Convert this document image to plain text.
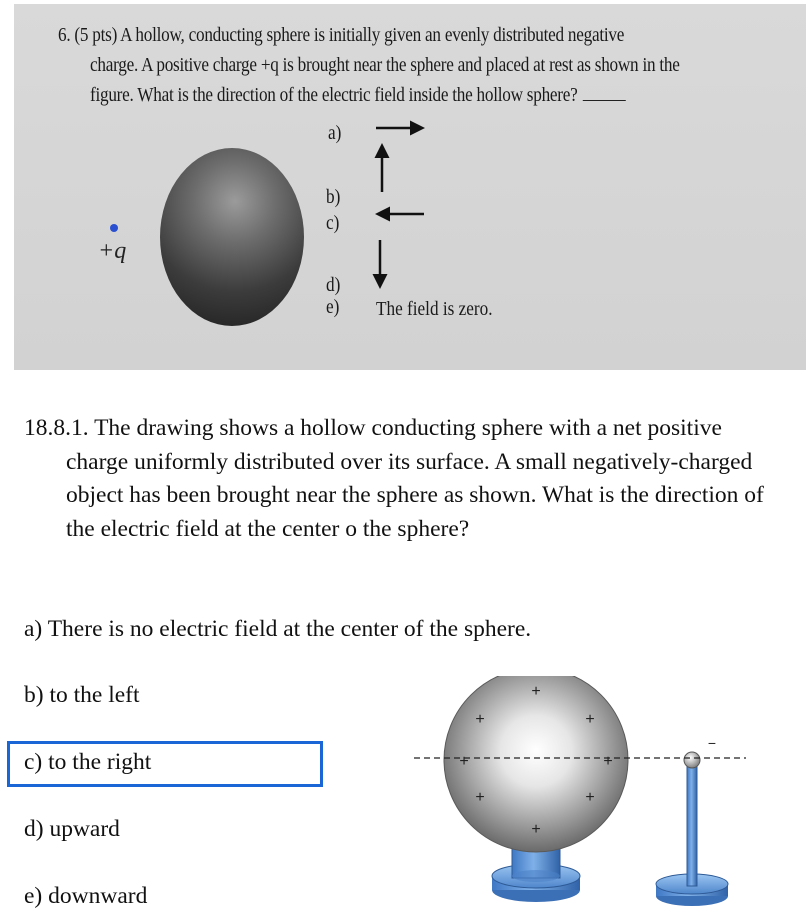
6. (5 pts) A hollow, conducting sphere is initially given an evenly distributed negative
charge. A positive charge +q is brought near the sphere and placed at rest as shown in the
figure. What is the direction of the electric field inside the hollow sphere?
+q
a)
b)
c)
d)
e) The field is zero.

18.8.1. The drawing shows a hollow conducting sphere with a net positive charge uniformly distributed over its surface. A small negatively-charged object has been brought near the sphere as shown. What is the direction of the electric field at the center o the sphere?

a) There is no electric field at the center of the sphere.
b) to the left
c) to the right
d) upward
e) downward
+
+	+
+	+
+	+
+
−
